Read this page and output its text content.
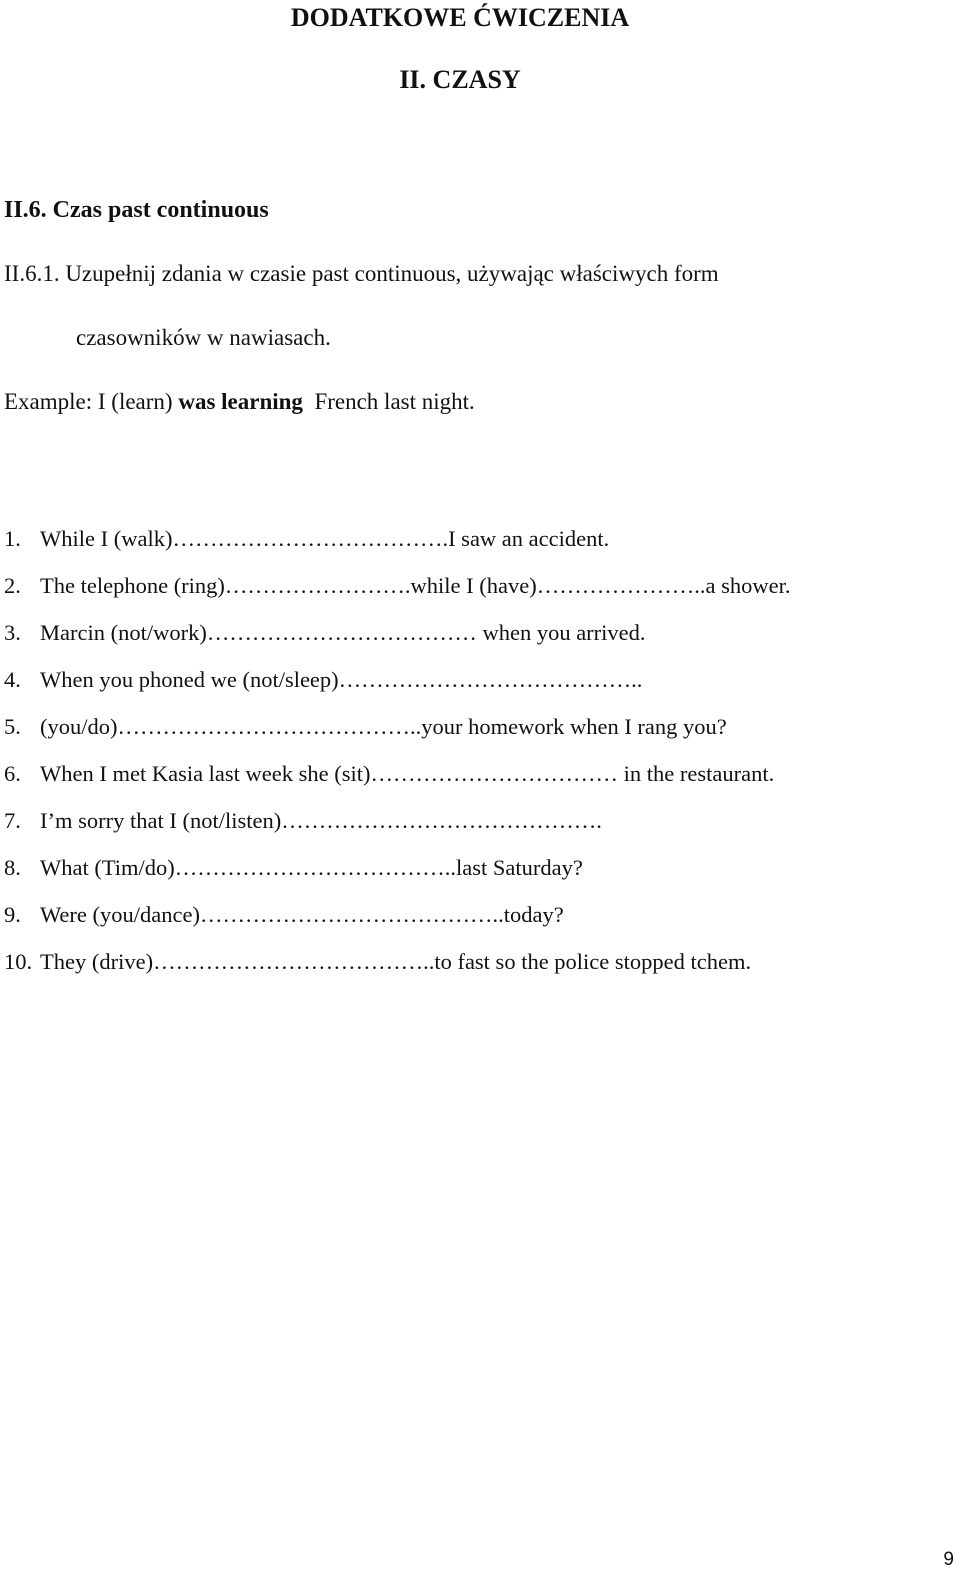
DODATKOWE ĆWICZENIA
II. CZASY
II.6. Czas past continuous
II.6.1. Uzupełnij zdania w czasie past continuous, używając właściwych form
czasowników w nawiasach.
Example: I (learn) was learning  French last night.
1. While I (walk)……………………………….I saw an accident.
2. The telephone (ring)…………………….while I (have)…………………..a shower.
3. Marcin (not/work)……………………………… when you arrived.
4. When you phoned we (not/sleep)…………………………………..
5. (you/do)…………………………………..your homework when I rang you?
6. When I met Kasia last week she (sit)…………………………… in the restaurant.
7. I’m sorry that I (not/listen)…………………………………….
8. What (Tim/do)………………………………..last Saturday?
9. Were (you/dance)…………………………………..today?
10. They (drive)………………………………..to fast so the police stopped tchem.
9
